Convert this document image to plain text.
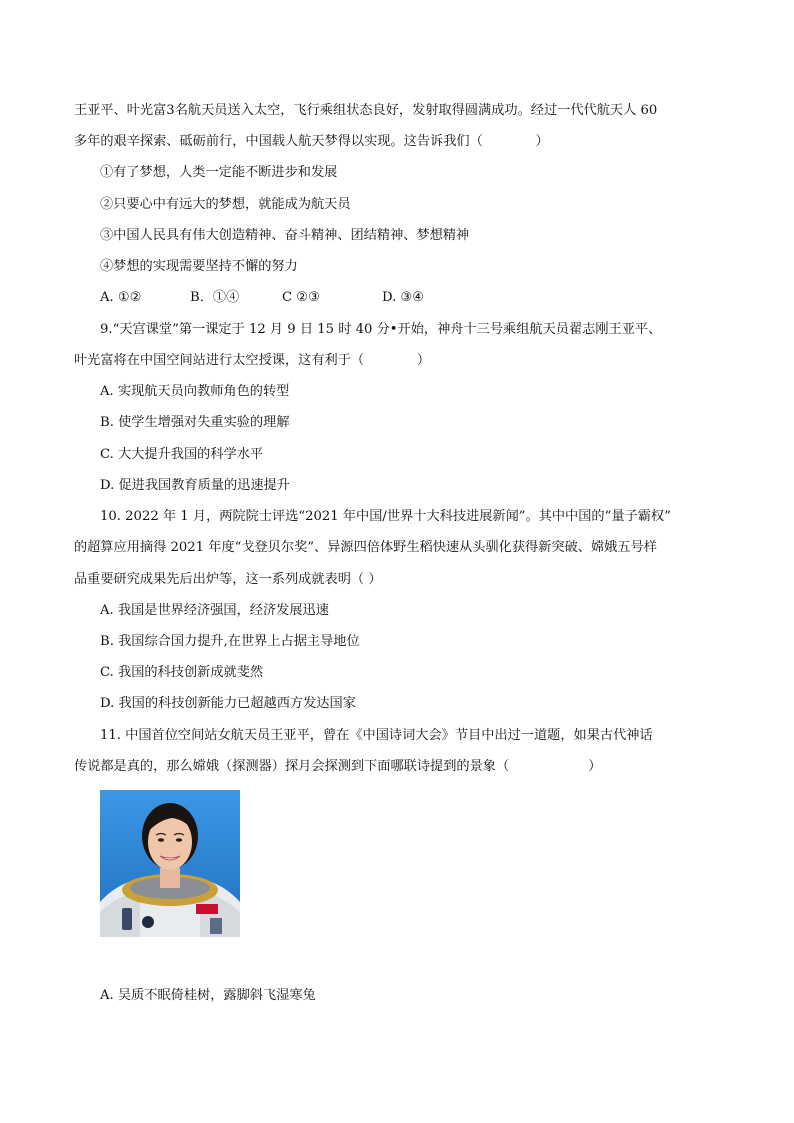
王亚平、叶光富3名航天员送入太空，飞行乘组状态良好，发射取得圆满成功。经过一代代航天人 60
多年的艰辛探索、砥砺前行，中国载人航天梦得以实现。这告诉我们（　　　　）
①有了梦想，人类一定能不断进步和发展
②只要心中有远大的梦想，就能成为航天员
③中国人民具有伟大创造精神、奋斗精神、团结精神、梦想精神
④梦想的实现需要坚持不懈的努力
A. ①②	B．①④	C ②③	D. ③④
9.“天宫课堂”第一课定于 12 月 9 日 15 时 40 分•开始，神舟十三号乘组航天员翟志刚王亚平、
叶光富将在中国空间站进行太空授课，这有利于（　　　　）
A. 实现航天员向教师角色的转型
B. 使学生增强对失重实验的理解
C. 大大提升我国的科学水平
D. 促进我国教育质量的迅速提升
10. 2022 年 1 月，两院院士评选“2021 年中国/世界十大科技进展新闻”。其中中国的“量子霸权”
的超算应用摘得 2021 年度“戈登贝尔奖”、异源四倍体野生稻快速从头驯化获得新突破、嫦娥五号样
品重要研究成果先后出炉等，这一系列成就表明（ ）
A. 我国是世界经济强国，经济发展迅速
B. 我国综合国力提升,在世界上占据主导地位
C. 我国的科技创新成就斐然
D. 我国的科技创新能力已超越西方发达国家
11. 中国首位空间站女航天员王亚平，曾在《中国诗词大会》节目中出过一道题，如果古代神话
传说都是真的，那么嫦娥（探测器）探月会探测到下面哪联诗提到的景象（　　　　　　）
A. 吴质不眠倚桂树，露脚斜飞湿寒兔
